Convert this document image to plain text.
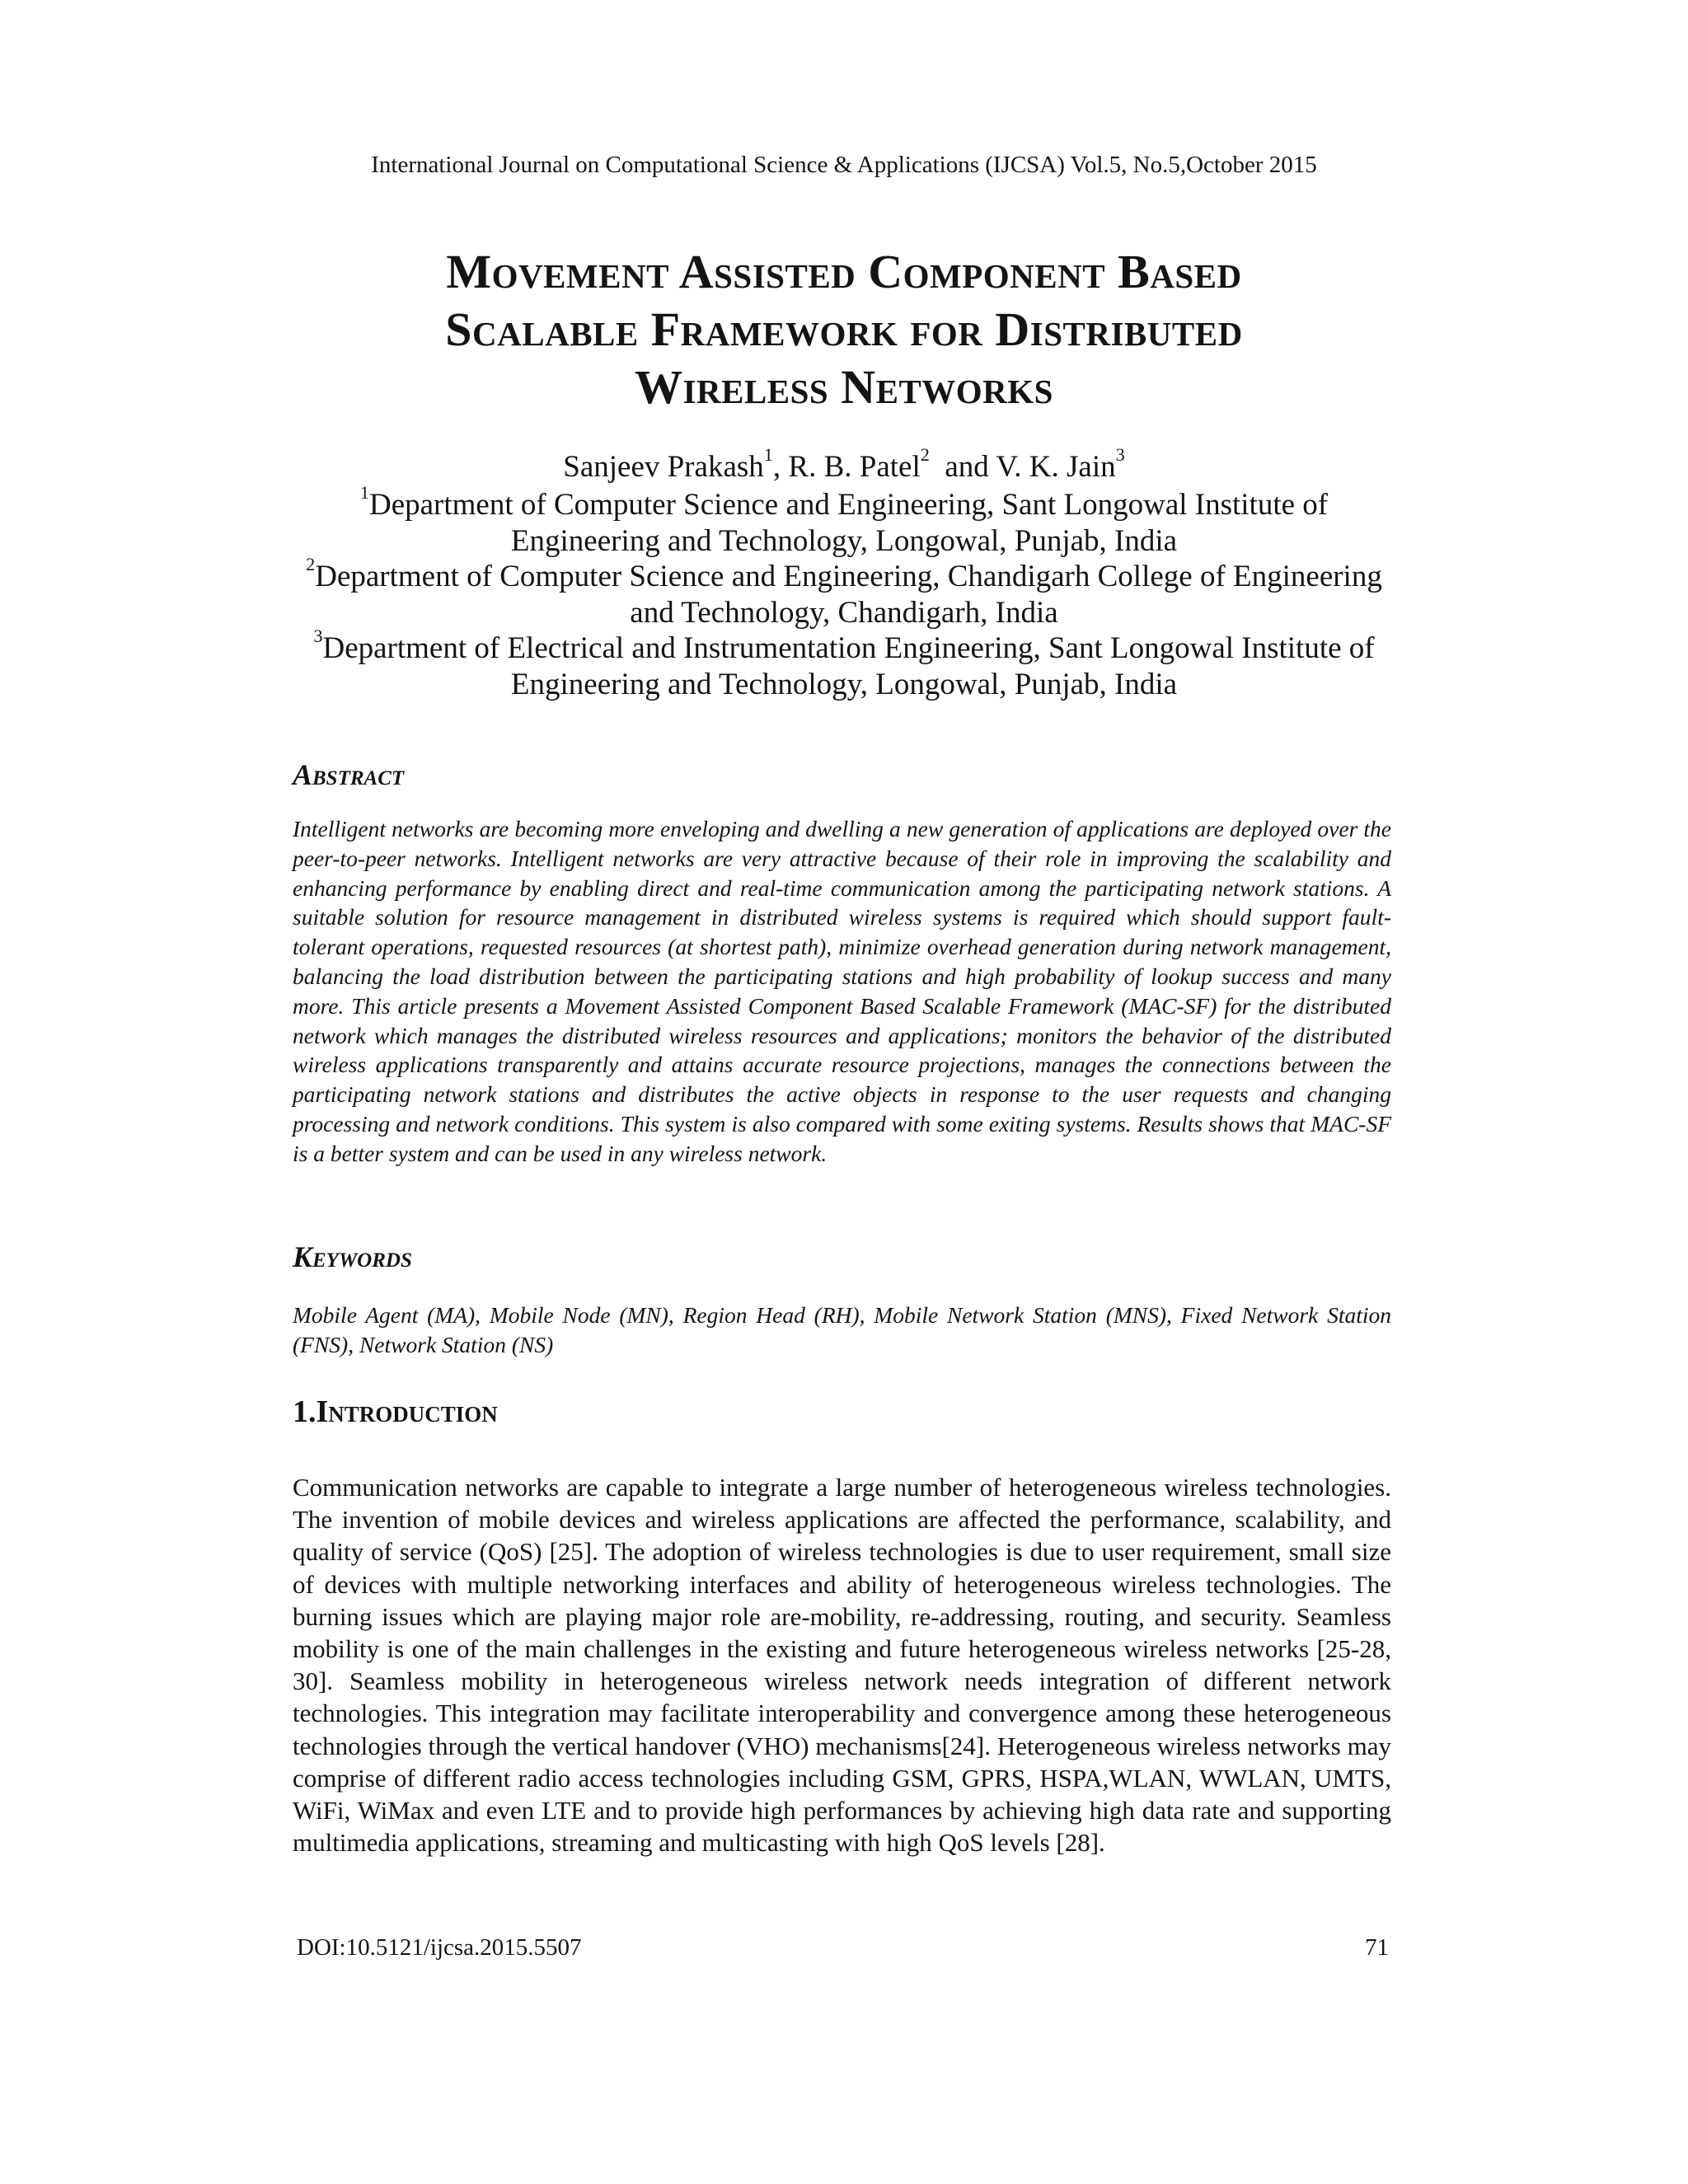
International Journal on Computational Science & Applications (IJCSA) Vol.5, No.5,October 2015
Movement Assisted Component Based
Scalable Framework for Distributed
Wireless Networks
Sanjeev Prakash$^1$, R. B. Patel$^2$  and V. K. Jain$^3$
$^1$Department of Computer Science and Engineering, Sant Longowal Institute of
Engineering and Technology, Longowal, Punjab, India
$^2$Department of Computer Science and Engineering, Chandigarh College of Engineering
and Technology, Chandigarh, India
$^3$Department of Electrical and Instrumentation Engineering, Sant Longowal Institute of
Engineering and Technology, Longowal, Punjab, India
Abstract
Intelligent networks are becoming more enveloping and dwelling a new generation of applications are deployed over the peer-to-peer networks. Intelligent networks are very attractive because of their role in improving the scalability and enhancing performance by enabling direct and real-time communication among the participating network stations. A suitable solution for resource management in distributed wireless systems is required which should support fault-tolerant operations, requested resources (at shortest path), minimize overhead generation during network management, balancing the load distribution between the participating stations and high probability of lookup success and many more. This article presents a Movement Assisted Component Based Scalable Framework (MAC-SF) for the distributed network which manages the distributed wireless resources and applications; monitors the behavior of the distributed wireless applications transparently and attains accurate resource projections, manages the connections between the participating network stations and distributes the active objects in response to the user requests and changing processing and network conditions. This system is also compared with some exiting systems. Results shows that MAC-SF is a better system and can be used in any wireless network.
Keywords
Mobile Agent (MA), Mobile Node (MN), Region Head (RH), Mobile Network Station (MNS), Fixed Network Station (FNS), Network Station (NS)
1.Introduction
Communication networks are capable to integrate a large number of heterogeneous wireless technologies. The invention of mobile devices and wireless applications are affected the performance, scalability, and quality of service (QoS) [25]. The adoption of wireless technologies is due to user requirement, small size of devices with multiple networking interfaces and ability of heterogeneous wireless technologies. The burning issues which are playing major role are-mobility, re-addressing, routing, and security. Seamless mobility is one of the main challenges in the existing and future heterogeneous wireless networks [25-28, 30]. Seamless mobility in heterogeneous wireless network needs integration of different network technologies. This integration may facilitate interoperability and convergence among these heterogeneous technologies through the vertical handover (VHO) mechanisms[24]. Heterogeneous wireless networks may comprise of different radio access technologies including GSM, GPRS, HSPA,WLAN, WWLAN, UMTS, WiFi, WiMax and even LTE and to provide high performances by achieving high data rate and supporting multimedia applications, streaming and multicasting with high QoS levels [28].
DOI:10.5121/ijcsa.2015.5507	71
